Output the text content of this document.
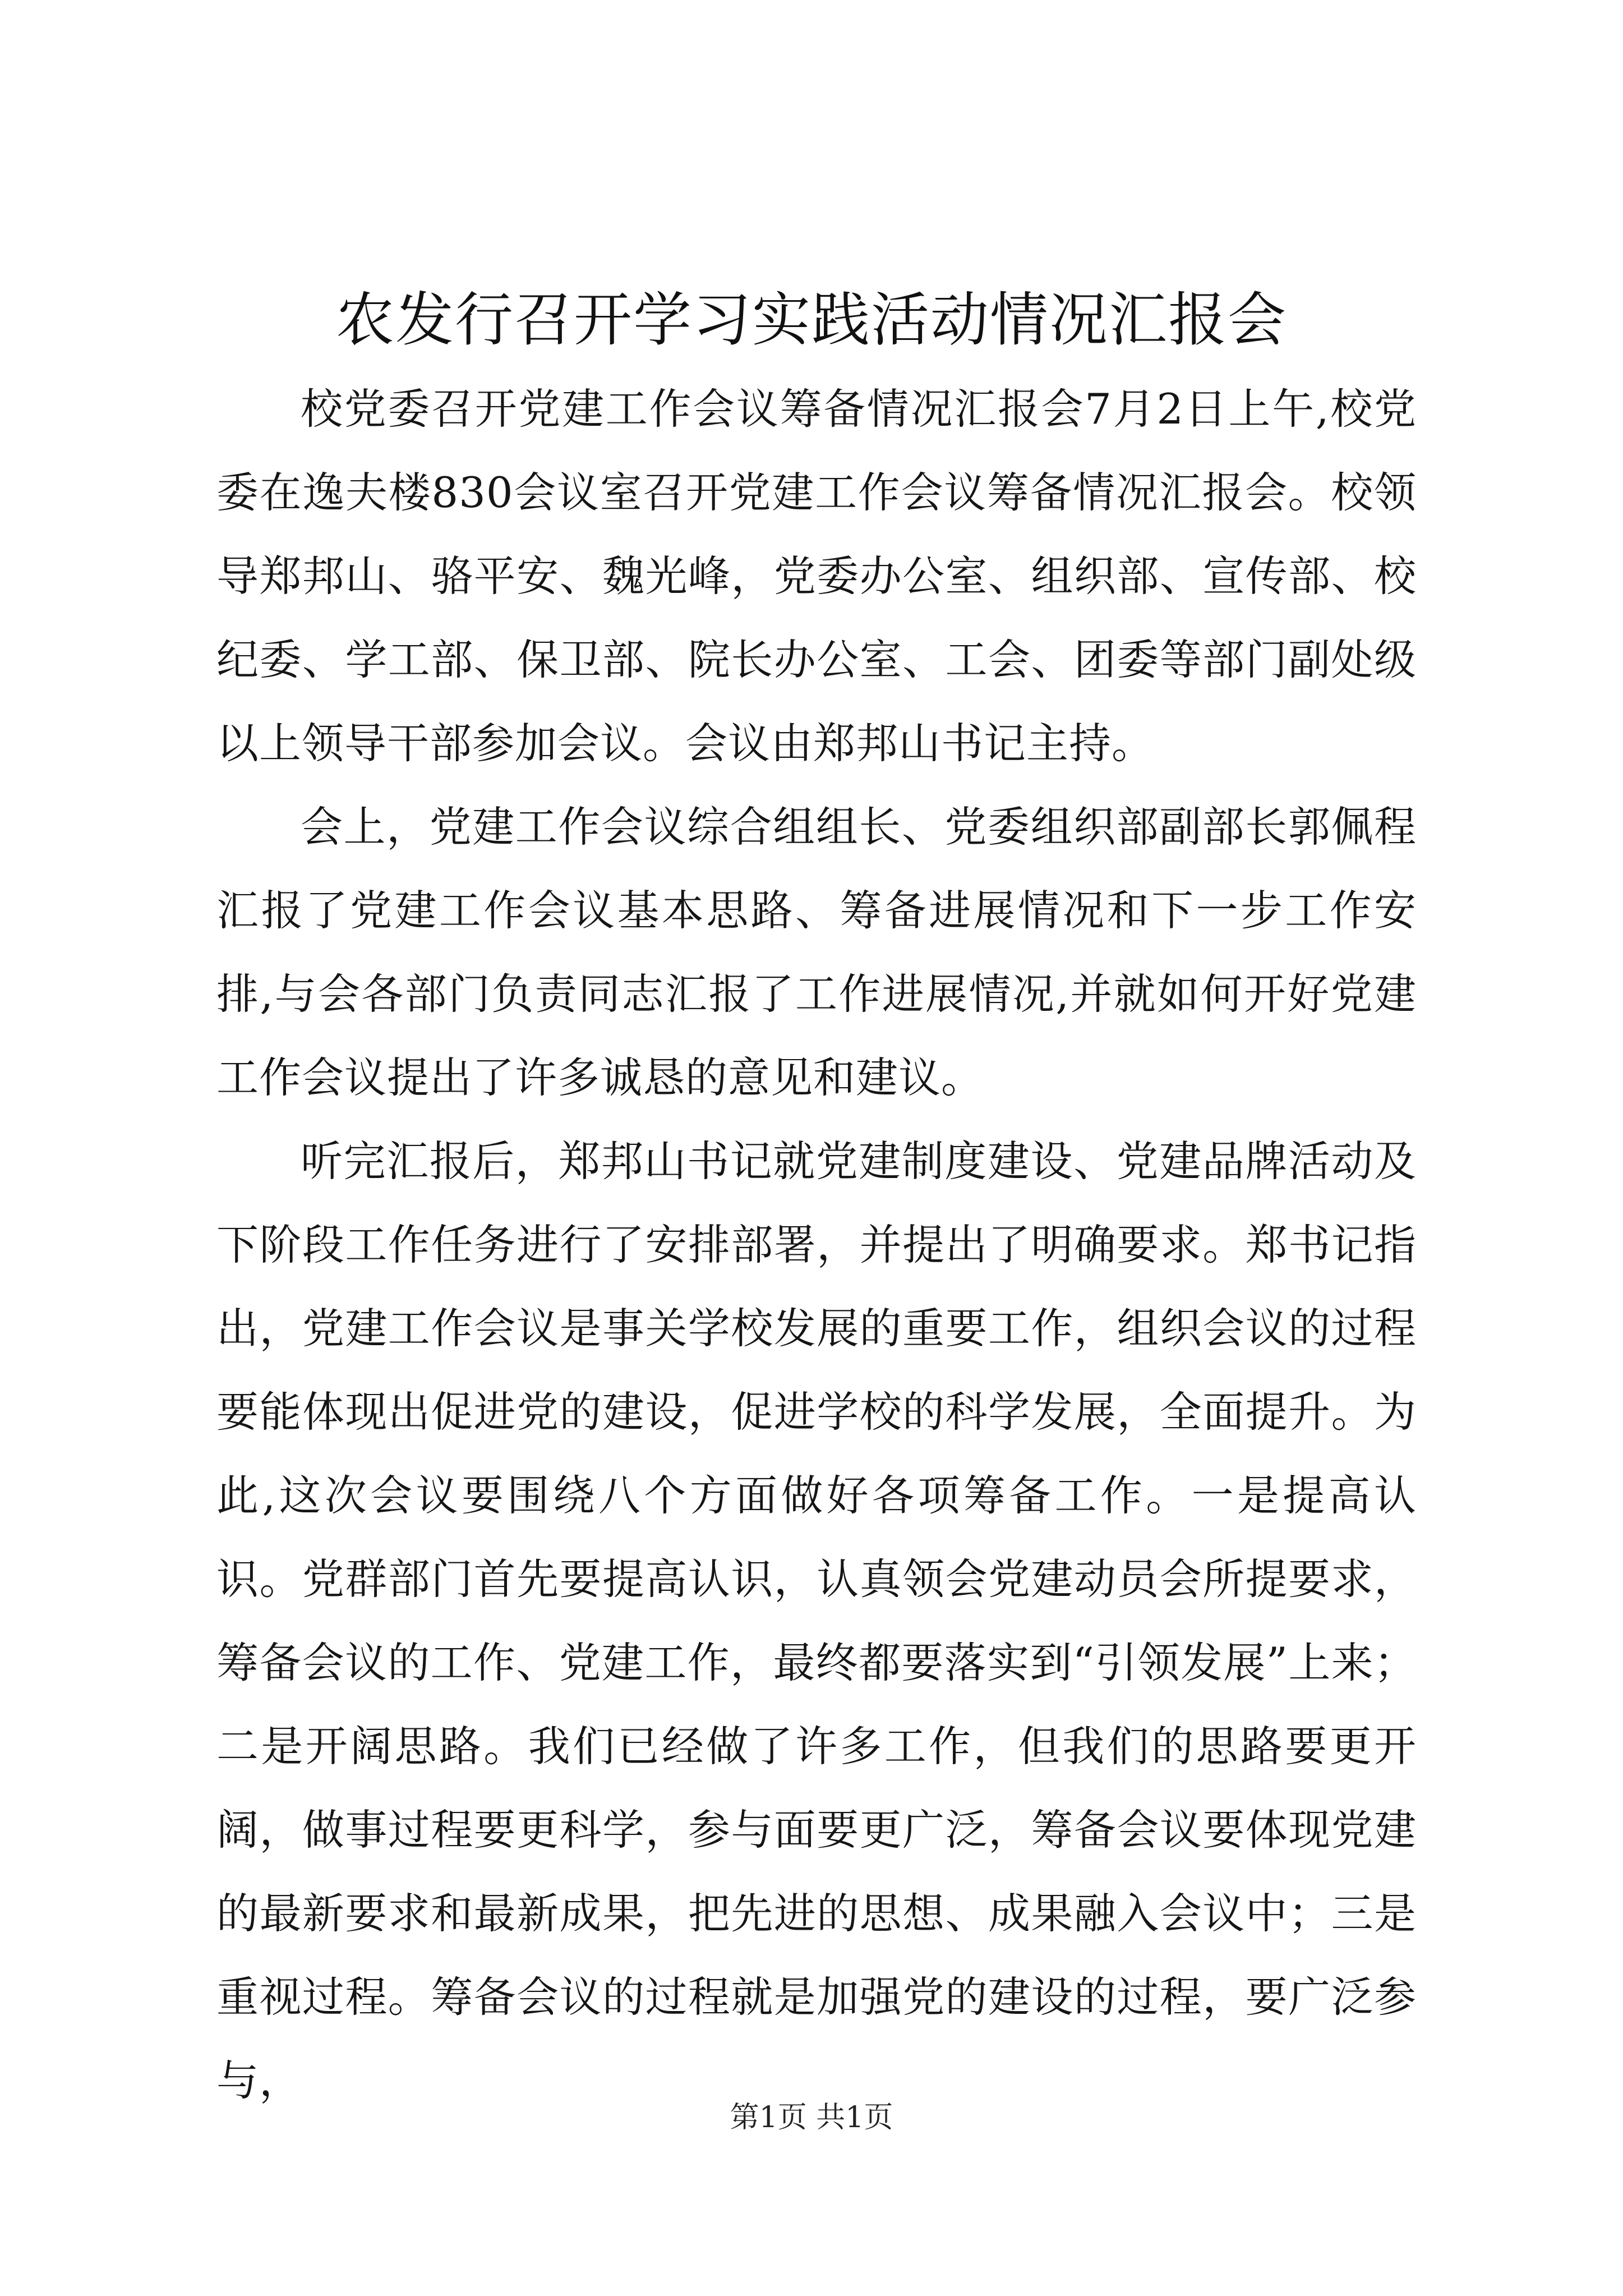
农发行召开学习实践活动情况汇报会

校党委召开党建工作会议筹备情况汇报会7月2日上午,校党委在逸夫楼830会议室召开党建工作会议筹备情况汇报会。校领导郑邦山、骆平安、魏光峰，党委办公室、组织部、宣传部、校纪委、学工部、保卫部、院长办公室、工会、团委等部门副处级以上领导干部参加会议。会议由郑邦山书记主持。

会上，党建工作会议综合组组长、党委组织部副部长郭佩程汇报了党建工作会议基本思路、筹备进展情况和下一步工作安排,与会各部门负责同志汇报了工作进展情况,并就如何开好党建工作会议提出了许多诚恳的意见和建议。

听完汇报后，郑邦山书记就党建制度建设、党建品牌活动及下阶段工作任务进行了安排部署，并提出了明确要求。郑书记指出，党建工作会议是事关学校发展的重要工作，组织会议的过程要能体现出促进党的建设，促进学校的科学发展，全面提升。为此,这次会议要围绕八个方面做好各项筹备工作。一是提高认识。党群部门首先要提高认识，认真领会党建动员会所提要求，筹备会议的工作、党建工作，最终都要落实到“引领发展”上来；二是开阔思路。我们已经做了许多工作，但我们的思路要更开阔，做事过程要更科学，参与面要更广泛，筹备会议要体现党建的最新要求和最新成果，把先进的思想、成果融入会议中；三是重视过程。筹备会议的过程就是加强党的建设的过程，要广泛参与，

第1页 共1页
